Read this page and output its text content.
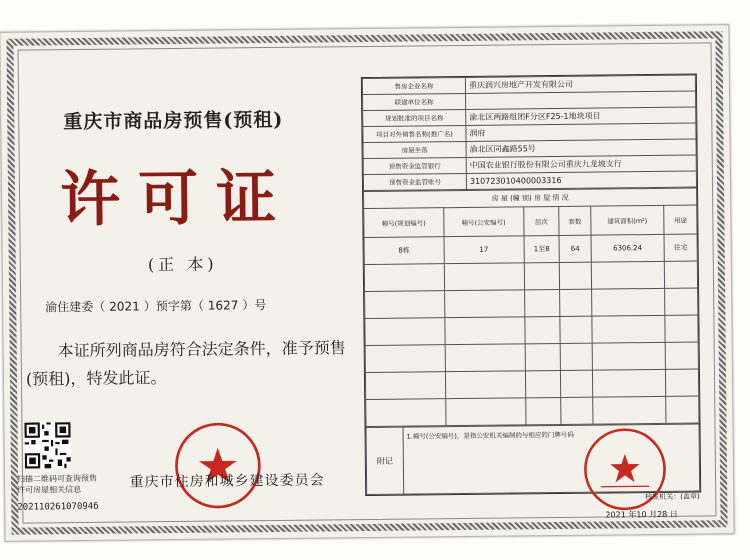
重庆市商品房预售(预租)
许可证
(正 本)
渝住建委（ 2021 ）预字第（ 1627 ）号
本证所列商品房符合法定条件，准予预售(预租)，特发此证。
扫描二维码可查询预售许可房屋相关信息
20211026107094б
重庆市住房和城乡建设委员会
售房企业名称	重庆润兴房地产开发有限公司
联建单位名称	
规划批准的项目名称	渝北区两路组团F分区F25-1地块项目
项目对外销售名称(推广名)	润府
房屋坐落	渝北区同鑫路55号
预售资金监管银行	中国农业银行股份有限公司重庆九龙坡支行
预售资金监管账号	310723010400003316
房 屋 (幢 别) 房 屋 情 况					
幢号(规划编号)	幢号(公安编号)	层次	套数	建筑面积(m²)	用途
8栋	17	1至8	64	6306.24	住宅

附记	1.幢号(公安编号)，是指公安机关编制的与相应的门牌号码
核发机关：(盖章)
2021 年10 月28 日
